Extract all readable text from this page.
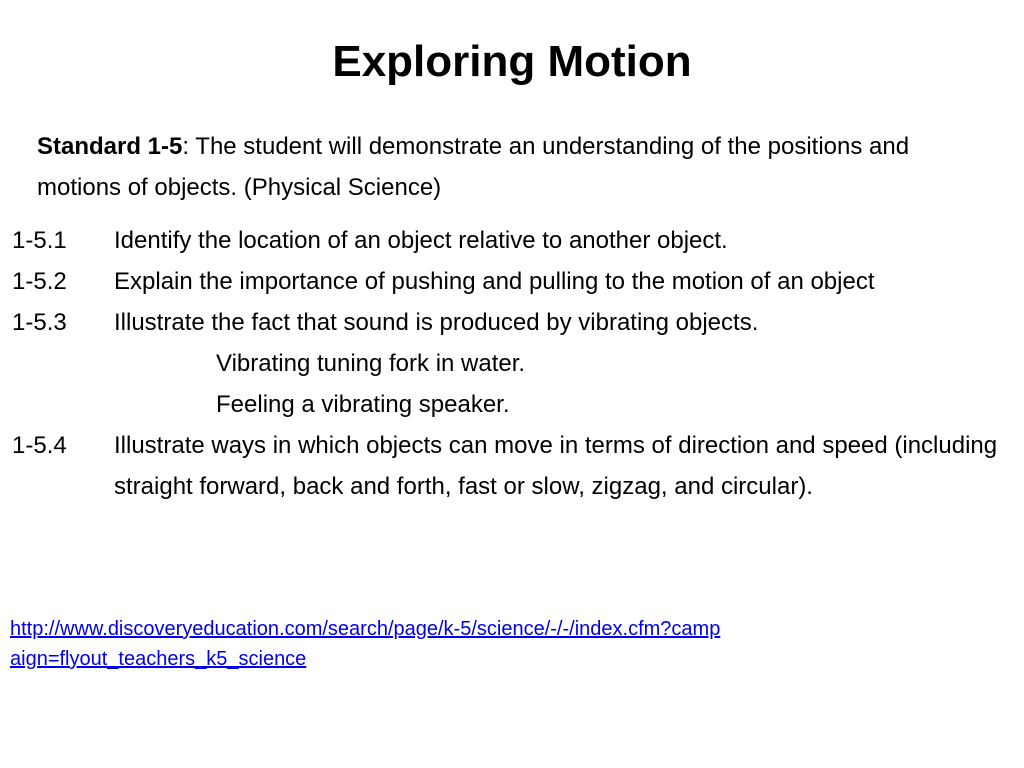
Exploring Motion
Standard 1-5: The student will demonstrate an understanding of the positions and motions of objects. (Physical Science)
1-5.1	Identify the location of an object relative to another object.
1-5.2	Explain the importance of pushing and pulling to the motion of an object
1-5.3	Illustrate the fact that sound is produced by vibrating objects.
Vibrating tuning fork in water.
Feeling a vibrating speaker.
1-5.4	Illustrate ways in which objects can move in terms of direction and speed (including straight forward, back and forth, fast or slow, zigzag, and circular).
http://www.discoveryeducation.com/search/page/k-5/science/-/-/index.cfm?campaign=flyout_teachers_k5_science
